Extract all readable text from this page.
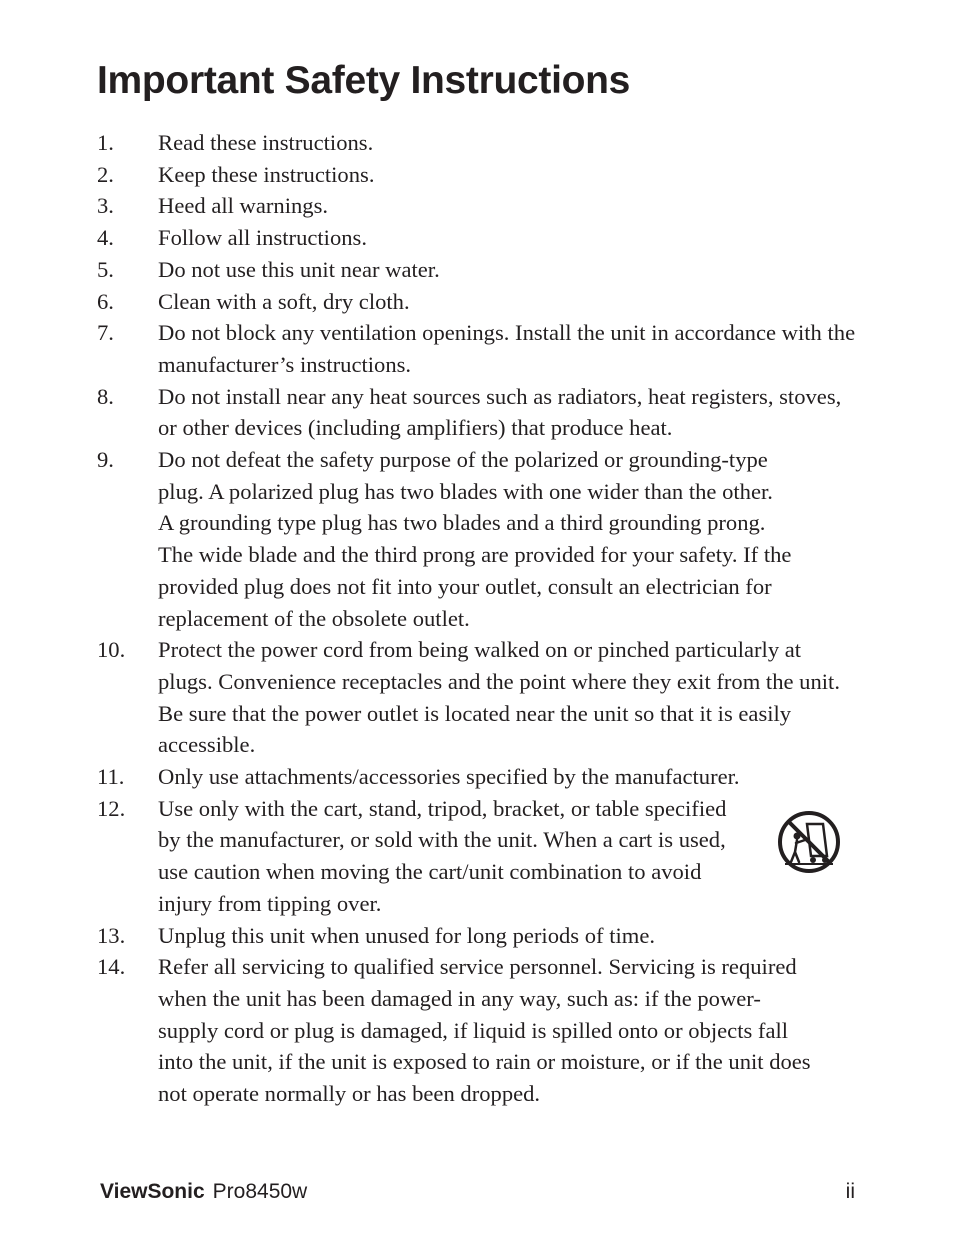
Important Safety Instructions
1.	Read these instructions.
2.	Keep these instructions.
3.	Heed all warnings.
4.	Follow all instructions.
5.	Do not use this unit near water.
6.	Clean with a soft, dry cloth.
7.	Do not block any ventilation openings. Install the unit in accordance with the manufacturer’s instructions.
8.	Do not install near any heat sources such as radiators, heat registers, stoves, or other devices (including amplifiers) that produce heat.
9.	Do not defeat the safety purpose of the polarized or grounding-type
plug. A polarized plug has two blades with one wider than the other.
A grounding type plug has two blades and a third grounding prong.
The wide blade and the third prong are provided for your safety. If the
provided plug does not fit into your outlet, consult an electrician for
replacement of the obsolete outlet.
10.	Protect the power cord from being walked on or pinched particularly at plugs. Convenience receptacles and the point where they exit from the unit. Be sure that the power outlet is located near the unit so that it is easily accessible.
11.	Only use attachments/accessories specified by the manufacturer.
12.	Use only with the cart, stand, tripod, bracket, or table specified
by the manufacturer, or sold with the unit. When a cart is used,
use caution when moving the cart/unit combination to avoid
injury from tipping over.
13.	Unplug this unit when unused for long periods of time.
14.	Refer all servicing to qualified service personnel. Servicing is required
when the unit has been damaged in any way, such as: if the power-
supply cord or plug is damaged, if liquid is spilled onto or objects fall
into the unit, if the unit is exposed to rain or moisture, or if the unit does
not operate normally or has been dropped.
ViewSonic Pro8450w	ii
